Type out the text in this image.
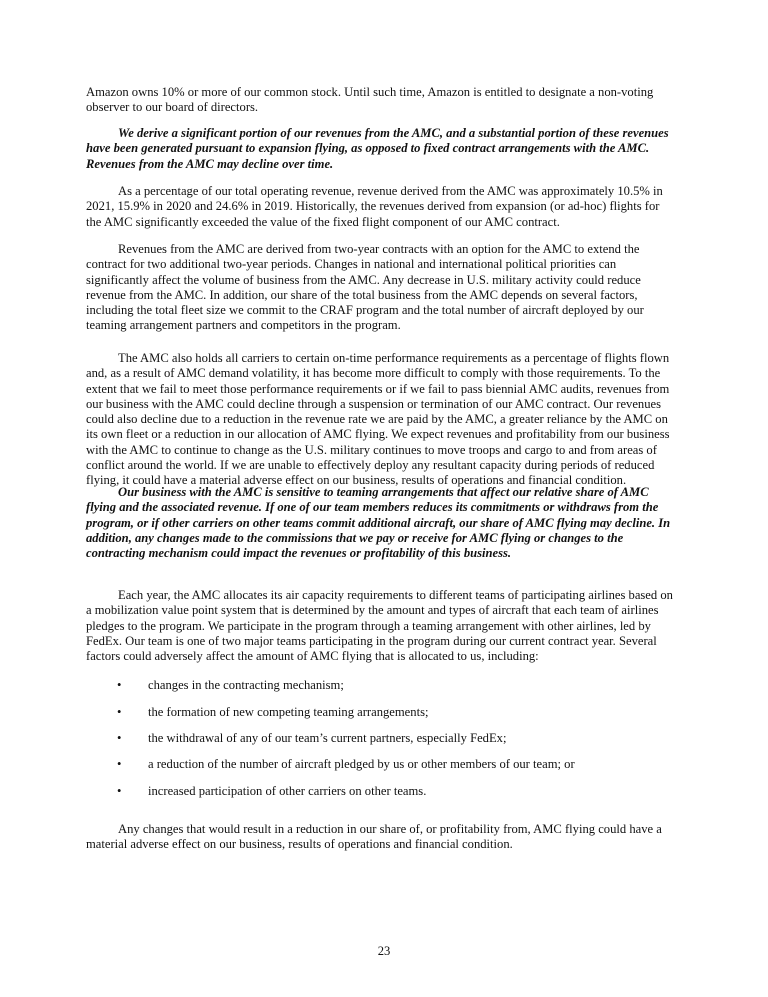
Amazon owns 10% or more of our common stock. Until such time, Amazon is entitled to designate a non-voting
observer to our board of directors.
We derive a significant portion of our revenues from the AMC, and a substantial portion of these revenues
have been generated pursuant to expansion flying, as opposed to fixed contract arrangements with the AMC.
Revenues from the AMC may decline over time.
As a percentage of our total operating revenue, revenue derived from the AMC was approximately 10.5% in
2021, 15.9% in 2020 and 24.6% in 2019. Historically, the revenues derived from expansion (or ad-hoc) flights for
the AMC significantly exceeded the value of the fixed flight component of our AMC contract.
Revenues from the AMC are derived from two-year contracts with an option for the AMC to extend the
contract for two additional two-year periods. Changes in national and international political priorities can
significantly affect the volume of business from the AMC. Any decrease in U.S. military activity could reduce
revenue from the AMC. In addition, our share of the total business from the AMC depends on several factors,
including the total fleet size we commit to the CRAF program and the total number of aircraft deployed by our
teaming arrangement partners and competitors in the program.
The AMC also holds all carriers to certain on-time performance requirements as a percentage of flights flown
and, as a result of AMC demand volatility, it has become more difficult to comply with those requirements. To the
extent that we fail to meet those performance requirements or if we fail to pass biennial AMC audits, revenues from
our business with the AMC could decline through a suspension or termination of our AMC contract. Our revenues
could also decline due to a reduction in the revenue rate we are paid by the AMC, a greater reliance by the AMC on
its own fleet or a reduction in our allocation of AMC flying. We expect revenues and profitability from our business
with the AMC to continue to change as the U.S. military continues to move troops and cargo to and from areas of
conflict around the world. If we are unable to effectively deploy any resultant capacity during periods of reduced
flying, it could have a material adverse effect on our business, results of operations and financial condition.
Our business with the AMC is sensitive to teaming arrangements that affect our relative share of AMC
flying and the associated revenue. If one of our team members reduces its commitments or withdraws from the
program, or if other carriers on other teams commit additional aircraft, our share of AMC flying may decline. In
addition, any changes made to the commissions that we pay or receive for AMC flying or changes to the
contracting mechanism could impact the revenues or profitability of this business.
Each year, the AMC allocates its air capacity requirements to different teams of participating airlines based on
a mobilization value point system that is determined by the amount and types of aircraft that each team of airlines
pledges to the program. We participate in the program through a teaming arrangement with other airlines, led by
FedEx. Our team is one of two major teams participating in the program during our current contract year. Several
factors could adversely affect the amount of AMC flying that is allocated to us, including:
• changes in the contracting mechanism;
• the formation of new competing teaming arrangements;
• the withdrawal of any of our team’s current partners, especially FedEx;
• a reduction of the number of aircraft pledged by us or other members of our team; or
• increased participation of other carriers on other teams.
Any changes that would result in a reduction in our share of, or profitability from, AMC flying could have a
material adverse effect on our business, results of operations and financial condition.
23
